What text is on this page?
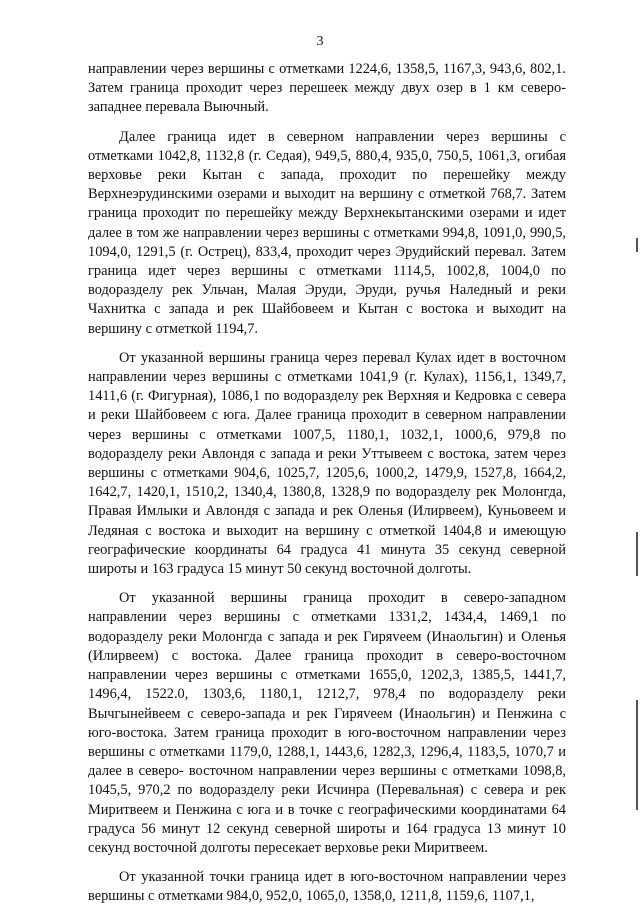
3

направлении через вершины с отметками 1224,6, 1358,5, 1167,3, 943,6, 802,1. Затем граница проходит через перешеек между двух озер в 1 км северо-западнее перевала Выючный.

Далее граница идет в северном направлении через вершины с отметками 1042,8, 1132,8 (г. Седая), 949,5, 880,4, 935,0, 750,5, 1061,3, огибая верховье реки Кытан с запада, проходит по перешейку между Верхнеэрудинскими озерами и выходит на вершину с отметкой 768,7. Затем граница проходит по перешейку между Верхнекытанскими озерами и идет далее в том же направлении через вершины с отметками 994,8, 1091,0, 990,5, 1094,0, 1291,5 (г. Острец), 833,4, проходит через Эрудийский перевал. Затем граница идет через вершины с отметками 1114,5, 1002,8, 1004,0 по водоразделу рек Ульчан, Малая Эруди, Эруди, ручья Наледный и реки Чахнитка с запада и рек Шайбовеем и Кытан с востока и выходит на вершину с отметкой 1194,7.

От указанной вершины граница через перевал Кулах идет в восточном направлении через вершины с отметками 1041,9 (г. Кулах), 1156,1, 1349,7, 1411,6 (г. Фигурная), 1086,1 по водоразделу рек Верхняя и Кедровка с севера и реки Шайбовеем с юга. Далее граница проходит в северном направлении через вершины с отметками 1007,5, 1180,1, 1032,1, 1000,6, 979,8 по водоразделу реки Авлондя с запада и реки Уттывеем с востока, затем через вершины с отметками 904,6, 1025,7, 1205,6, 1000,2, 1479,9, 1527,8, 1664,2, 1642,7, 1420,1, 1510,2, 1340,4, 1380,8, 1328,9 по водоразделу рек Молонгда, Правая Имлыки и Авлондя с запада и рек Оленья (Илирвеем), Куньовеем и Ледяная с востока и выходит на вершину с отметкой 1404,8 и имеющую географические координаты 64 градуса 41 минута 35 секунд северной широты и 163 градуса 15 минут 50 секунд восточной долготы.

От указанной вершины граница проходит в северо-западном направлении через вершины с отметками 1331,2, 1434,4, 1469,1 по водоразделу реки Молонгда с запада и рек Гиряveем (Инаольгин) и Оленья (Илирвеем) с востока. Далее граница проходит в северо-восточном направлении через вершины с отметками 1655,0, 1202,3, 1385,5, 1441,7, 1496,4, 1522.0, 1303,6, 1180,1, 1212,7, 978,4 по водоразделу реки Вычгынейвеем с северо-запада и рек Гиряveем (Инаольгин) и Пенжина с юго-востока. Затем граница проходит в юго-восточном направлении через вершины с отметками 1179,0, 1288,1, 1443,6, 1282,3, 1296,4, 1183,5, 1070,7 и далее в северо- восточном направлении через вершины с отметками 1098,8, 1045,5, 970,2 по водоразделу реки Исчинра (Перевальная) с севера и рек Миритвеем и Пенжина с юга и в точке с географическими координатами 64 градуса 56 минут 12 секунд северной широты и 164 градуса 13 минут 10 секунд восточной долготы пересекает верховье реки Миритвеем.

От указанной точки граница идет в юго-восточном направлении через вершины с отметками 984,0, 952,0, 1065,0, 1358,0, 1211,8, 1159,6, 1107,1,
